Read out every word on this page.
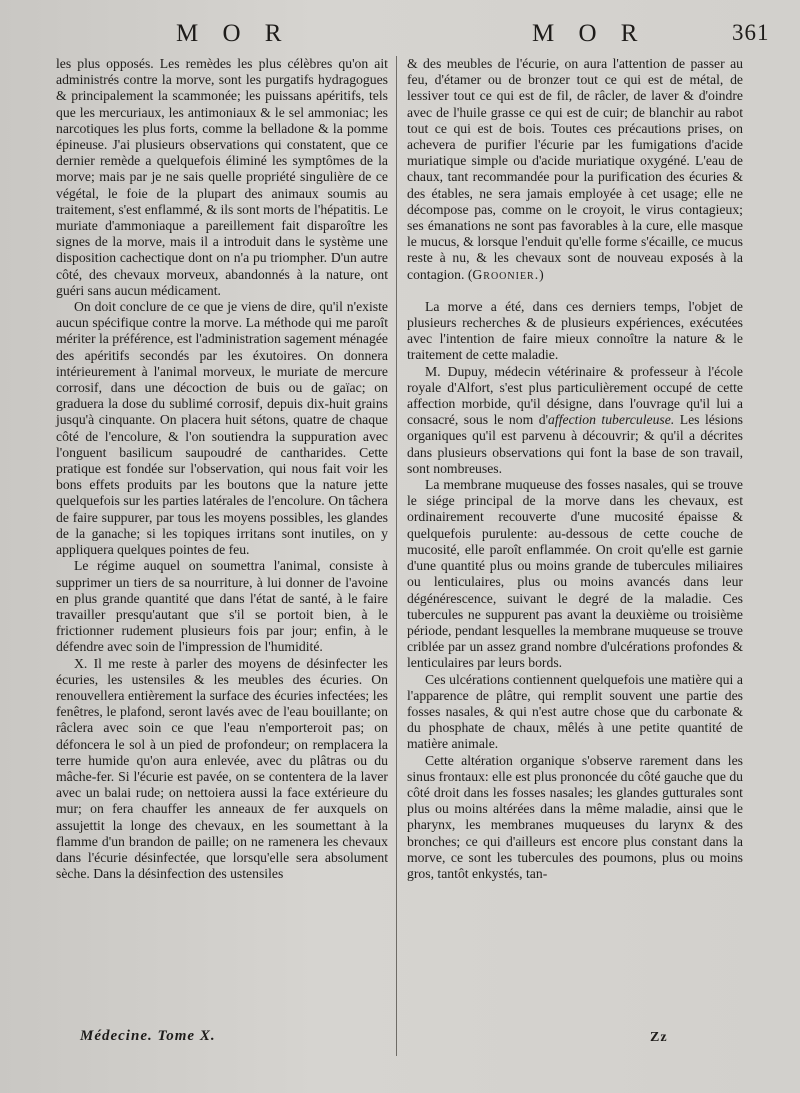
M O R	M O R	361

les plus opposés. Les remèdes les plus célèbres qu'on ait administrés contre la morve, sont les purgatifs hydragogues & principalement la scammonée; les puissans apéritifs, tels que les mercuriaux, les antimoniaux & le sel ammoniac; les narcotiques les plus forts, comme la belladone & la pomme épineuse. J'ai plusieurs observations qui constatent, que ce dernier remède a quelquefois éliminé les symptômes de la morve; mais par je ne sais quelle propriété singulière de ce végétal, le foie de la plupart des animaux soumis au traitement, s'est enflammé, & ils sont morts de l'hépatitis. Le muriate d'ammoniaque a pareillement fait disparoître les signes de la morve, mais il a introduit dans le système une disposition cachectique dont on n'a pu triompher. D'un autre côté, des chevaux morveux, abandonnés à la nature, ont guéri sans aucun médicament.

On doit conclure de ce que je viens de dire, qu'il n'existe aucun spécifique contre la morve. La méthode qui me paroît mériter la préférence, est l'administration sagement ménagée des apéritifs secondés par les éxutoires. On donnera intérieurement à l'animal morveux, le muriate de mercure corrosif, dans une décoction de buis ou de gaïac; on graduera la dose du sublimé corrosif, depuis dix-huit grains jusqu'à cinquante. On placera huit sétons, quatre de chaque côté de l'encolure, & l'on soutiendra la suppuration avec l'onguent basilicum saupoudré de cantharides. Cette pratique est fondée sur l'observation, qui nous fait voir les bons effets produits par les boutons que la nature jette quelquefois sur les parties latérales de l'encolure. On tâchera de faire suppurer, par tous les moyens possibles, les glandes de la ganache; si les topiques irritans sont inutiles, on y appliquera quelques pointes de feu.

Le régime auquel on soumettra l'animal, consiste à supprimer un tiers de sa nourriture, à lui donner de l'avoine en plus grande quantité que dans l'état de santé, à le faire travailler presqu'autant que s'il se portoit bien, à le frictionner rudement plusieurs fois par jour; enfin, à le défendre avec soin de l'impression de l'humidité.

X. Il me reste à parler des moyens de désinfecter les écuries, les ustensiles & les meubles des écuries. On renouvellera entièrement la surface des écuries infectées; les fenêtres, le plafond, seront lavés avec de l'eau bouillante; on râclera avec soin ce que l'eau n'emporteroit pas; on défoncera le sol à un pied de profondeur; on remplacera la terre humide qu'on aura enlevée, avec du plâtras ou du mâche-fer. Si l'écurie est pavée, on se contentera de la laver avec un balai rude; on nettoiera aussi la face extérieure du mur; on fera chauffer les anneaux de fer auxquels on assujettit la longe des chevaux, en les soumettant à la flamme d'un brandon de paille; on ne ramenera les chevaux dans l'écurie désinfectée, que lorsqu'elle sera absolument sèche. Dans la désinfection des ustensiles

& des meubles de l'écurie, on aura l'attention de passer au feu, d'étamer ou de bronzer tout ce qui est de métal, de lessiver tout ce qui est de fil, de râcler, de laver & d'oindre avec de l'huile grasse ce qui est de cuir; de blanchir au rabot tout ce qui est de bois. Toutes ces précautions prises, on achevera de purifier l'écurie par les fumigations d'acide muriatique simple ou d'acide muriatique oxygéné. L'eau de chaux, tant recommandée pour la purification des écuries & des étables, ne sera jamais employée à cet usage; elle ne décompose pas, comme on le croyoit, le virus contagieux; ses émanations ne sont pas favorables à la cure, elle masque le mucus, & lorsque l'enduit qu'elle forme s'écaille, ce mucus reste à nu, & les chevaux sont de nouveau exposés à la contagion. (Groonier.)

La morve a été, dans ces derniers temps, l'objet de plusieurs recherches & de plusieurs expériences, exécutées avec l'intention de faire mieux connoître la nature & le traitement de cette maladie.

M. Dupuy, médecin vétérinaire & professeur à l'école royale d'Alfort, s'est plus particulièrement occupé de cette affection morbide, qu'il désigne, dans l'ouvrage qu'il lui a consacré, sous le nom d'affection tuberculeuse. Les lésions organiques qu'il est parvenu à découvrir; & qu'il a décrites dans plusieurs observations qui font la base de son travail, sont nombreuses.

La membrane muqueuse des fosses nasales, qui se trouve le siége principal de la morve dans les chevaux, est ordinairement recouverte d'une mucosité épaisse & quelquefois purulente: au-dessous de cette couche de mucosité, elle paroît enflammée. On croit qu'elle est garnie d'une quantité plus ou moins grande de tubercules miliaires ou lenticulaires, plus ou moins avancés dans leur dégénérescence, suivant le degré de la maladie. Ces tubercules ne suppurent pas avant la deuxième ou troisième période, pendant lesquelles la membrane muqueuse se trouve criblée par un assez grand nombre d'ulcérations profondes & lenticulaires par leurs bords.

Ces ulcérations contiennent quelquefois une matière qui a l'apparence de plâtre, qui remplit souvent une partie des fosses nasales, & qui n'est autre chose que du carbonate & du phosphate de chaux, mêlés à une petite quantité de matière animale.

Cette altération organique s'observe rarement dans les sinus frontaux: elle est plus prononcée du côté gauche que du côté droit dans les fosses nasales; les glandes gutturales sont plus ou moins altérées dans la même maladie, ainsi que le pharynx, les membranes muqueuses du larynx & des bronches; ce qui d'ailleurs est encore plus constant dans la morve, ce sont les tubercules des poumons, plus ou moins gros, tantôt enkystés, tan-

Médecine. Tome X.	Zz
